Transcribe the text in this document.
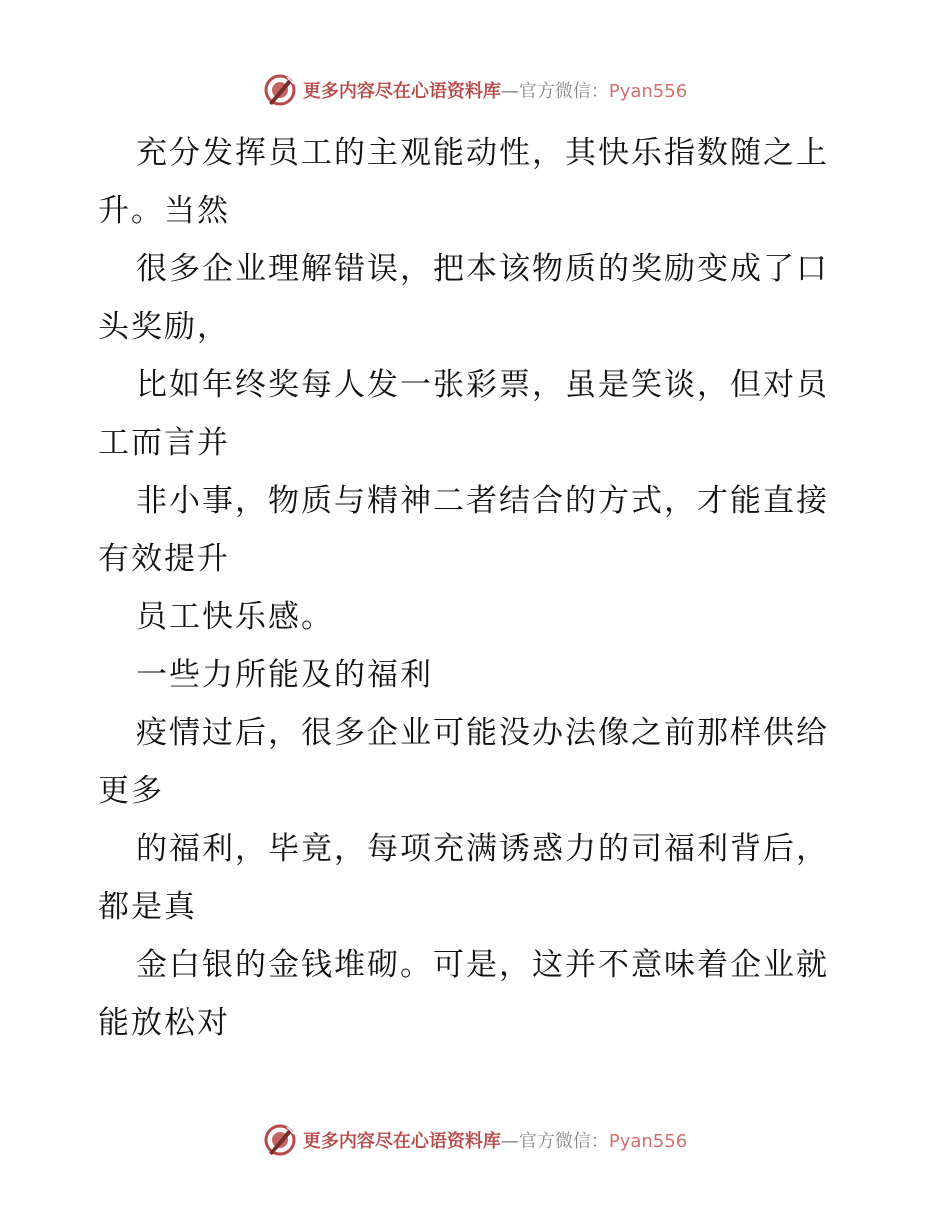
更多内容尽在心语资料库—官方微信：Pyan556
充分发挥员工的主观能动性，其快乐指数随之上
升。当然
很多企业理解错误，把本该物质的奖励变成了口
头奖励，
比如年终奖每人发一张彩票，虽是笑谈，但对员
工而言并
非小事，物质与精神二者结合的方式，才能直接
有效提升
员工快乐感。
一些力所能及的福利
疫情过后，很多企业可能没办法像之前那样供给
更多
的福利，毕竟，每项充满诱惑力的司福利背后，
都是真
金白银的金钱堆砌。可是，这并不意味着企业就
能放松对
更多内容尽在心语资料库—官方微信：Pyan556
